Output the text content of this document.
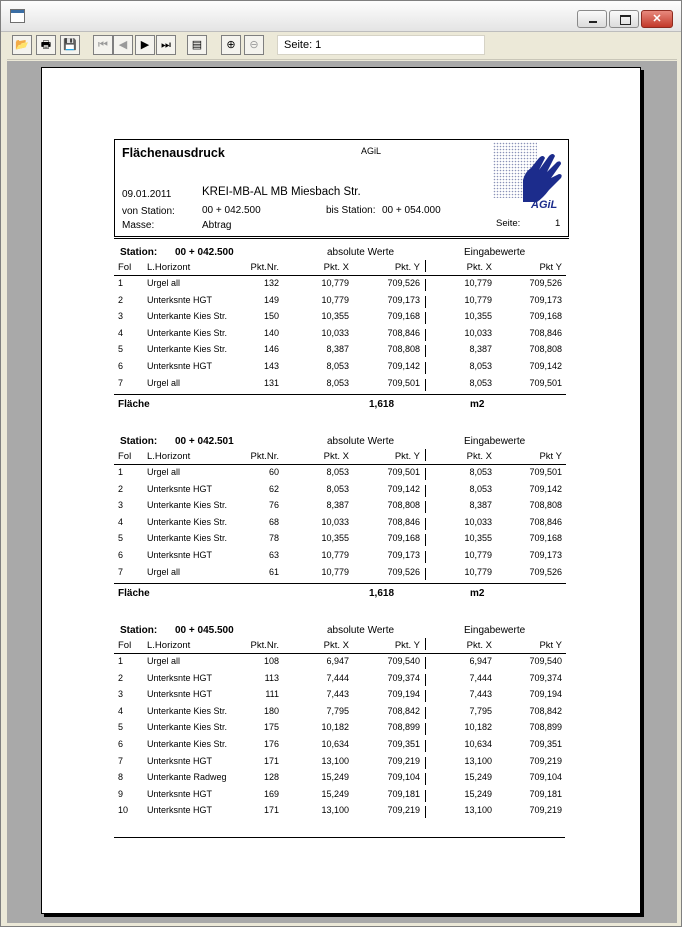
✕
Seite: 1
📂	🖶	💾	⏮ ◀	▶	⏭	▤	⊕	⊖
Flächenausdruck	AGiL
09.01.2011	KREI-MB-AL MB Miesbach Str.
von Station:	00 + 042.500	bis Station: 00 + 054.000
Masse:	Abtrag	Seite:	1
AGiL
Station: 00 + 042.500	absolute Werte	Eingabewerte
Fol	L.Horizont	Pkt.Nr.	Pkt. X	Pkt. Y	Pkt. X	Pkt Y
1	Urgel all	132	10,779	709,526	10,779	709,526
2	Unterksnte HGT	149	10,779	709,173	10,779	709,173
3	Unterkante Kies Str.	150	10,355	709,168	10,355	709,168
4	Unterkante Kies Str.	140	10,033	708,846	10,033	708,846
5	Unterkante Kies Str.	146	8,387	708,808	8,387	708,808
6	Unterksnte HGT	143	8,053	709,142	8,053	709,142
7	Urgel all	131	8,053	709,501	8,053	709,501
Fläche	1,618	m2
Station: 00 + 042.501	absolute Werte	Eingabewerte
Fol	L.Horizont	Pkt.Nr.	Pkt. X	Pkt. Y	Pkt. X	Pkt Y
1	Urgel all	60	8,053	709,501	8,053	709,501
2	Unterksnte HGT	62	8,053	709,142	8,053	709,142
3	Unterkante Kies Str.	76	8,387	708,808	8,387	708,808
4	Unterkante Kies Str.	68	10,033	708,846	10,033	708,846
5	Unterkante Kies Str.	78	10,355	709,168	10,355	709,168
6	Unterksnte HGT	63	10,779	709,173	10,779	709,173
7	Urgel all	61	10,779	709,526	10,779	709,526
Fläche	1,618	m2
Station: 00 + 045.500	absolute Werte	Eingabewerte
Fol	L.Horizont	Pkt.Nr.	Pkt. X	Pkt. Y	Pkt. X	Pkt Y
1	Urgel all	108	6,947	709,540	6,947	709,540
2	Unterksnte HGT	113	7,444	709,374	7,444	709,374
3	Unterksnte HGT	111	7,443	709,194	7,443	709,194
4	Unterkante Kies Str.	180	7,795	708,842	7,795	708,842
5	Unterkante Kies Str.	175	10,182	708,899	10,182	708,899
6	Unterkante Kies Str.	176	10,634	709,351	10,634	709,351
7	Unterksnte HGT	171	13,100	709,219	13,100	709,219
8	Unterkante Radweg	128	15,249	709,104	15,249	709,104
9	Unterksnte HGT	169	15,249	709,181	15,249	709,181
10	Unterksnte HGT	171	13,100	709,219	13,100	709,219
